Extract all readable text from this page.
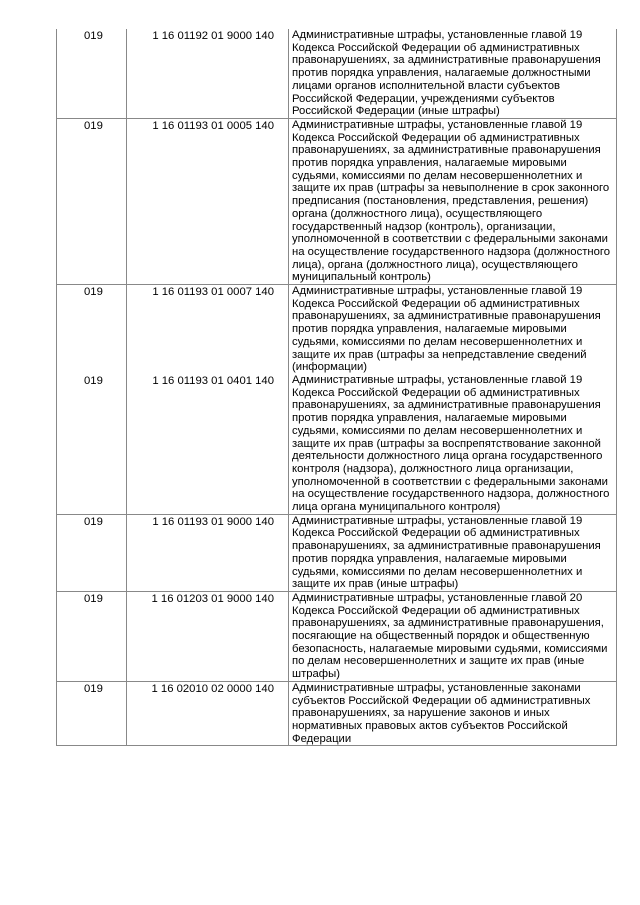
019	1 16 01192 01 9000 140	Административные штрафы, установленные главой 19 Кодекса Российской Федерации об административных правонарушениях, за административные правонарушения против порядка управления, налагаемые должностными лицами органов исполнительной власти субъектов Российской Федерации, учреждениями субъектов Российской Федерации (иные штрафы)
019	1 16 01193 01 0005 140	Административные штрафы, установленные главой 19 Кодекса Российской Федерации об административных правонарушениях, за административные правонарушения против порядка управления, налагаемые мировыми судьями, комиссиями по делам несовершеннолетних и защите их прав (штрафы за невыполнение в срок законного предписания (постановления, представления, решения) органа (должностного лица), осуществляющего государственный надзор (контроль), организации, уполномоченной в соответствии с федеральными законами на осуществление государственного надзора (должностного лица), органа (должностного лица), осуществляющего муниципальный контроль)
019	1 16 01193 01 0007 140	Административные штрафы, установленные главой 19 Кодекса Российской Федерации об административных правонарушениях, за административные правонарушения против порядка управления, налагаемые мировыми судьями, комиссиями по делам несовершеннолетних и защите их прав (штрафы за непредставление сведений (информации)
019	1 16 01193 01 0401 140	Административные штрафы, установленные главой 19 Кодекса Российской Федерации об административных правонарушениях, за административные правонарушения против порядка управления, налагаемые мировыми судьями, комиссиями по делам несовершеннолетних и защите их прав (штрафы за воспрепятствование законной деятельности должностного лица органа государственного контроля (надзора), должностного лица организации, уполномоченной в соответствии с федеральными законами на осуществление государственного надзора, должностного лица органа муниципального контроля)
019	1 16 01193 01 9000 140	Административные штрафы, установленные главой 19 Кодекса Российской Федерации об административных правонарушениях, за административные правонарушения против порядка управления, налагаемые мировыми судьями, комиссиями по делам несовершеннолетних и защите их прав (иные штрафы)
019	1 16 01203 01 9000 140	Административные штрафы, установленные главой 20 Кодекса Российской Федерации об административных правонарушениях, за административные правонарушения, посягающие на общественный порядок и общественную безопасность, налагаемые мировыми судьями, комиссиями по делам несовершеннолетних и защите их прав (иные штрафы)
019	1 16 02010 02 0000 140	Административные штрафы, установленные законами субъектов Российской Федерации об административных правонарушениях, за нарушение законов и иных нормативных правовых актов субъектов Российской Федерации
